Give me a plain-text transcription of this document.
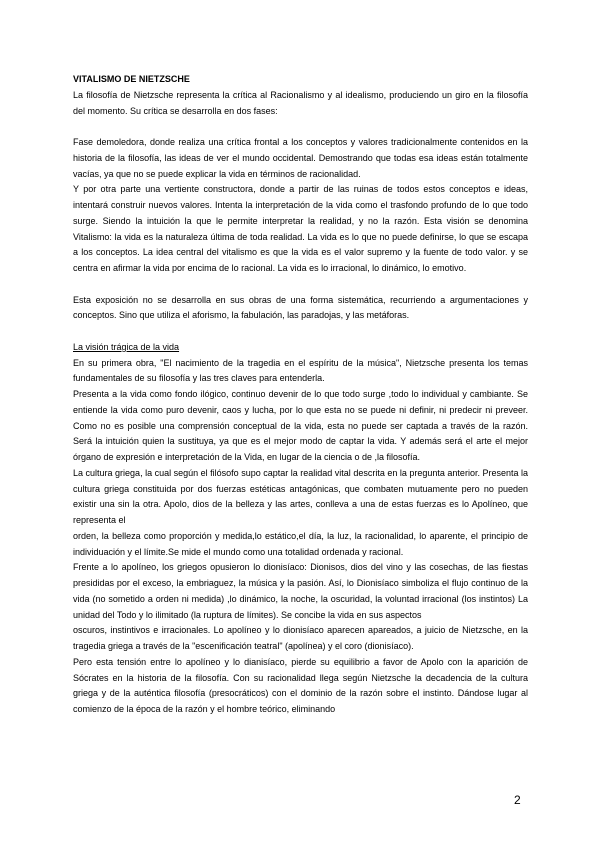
VITALISMO DE NIETZSCHE

La filosofía de Nietzsche representa la crítica al Racionalismo y al idealismo, produciendo un giro en la filosofía del momento. Su crítica se desarrolla en dos fases:

Fase demoledora, donde realiza una crítica frontal a los conceptos y valores tradicionalmente contenidos en la historia de la filosofía, las ideas de ver el mundo occidental. Demostrando que todas esa ideas están totalmente vacías, ya que no se puede explicar la vida en términos de racionalidad.

Y por otra parte una vertiente constructora, donde a partir de las ruinas de todos estos conceptos e ideas, intentará construir nuevos valores. Intenta la interpretación de la vida como el trasfondo profundo de lo que todo surge. Siendo la intuición la que le permite interpretar la realidad, y no la razón. Esta visión se denomina Vitalismo: la vida es la naturaleza última de toda realidad. La vida es lo que no puede definirse, lo que se escapa a los conceptos. La idea central del vitalismo es que la vida es el valor supremo y la fuente de todo valor. y se centra en afirmar la vida por encima de lo racional. La vida es lo irracional, lo dinámico, lo emotivo.

Esta exposición no se desarrolla en sus obras de una forma sistemática, recurriendo a argumentaciones y conceptos. Sino que utiliza el aforismo, la fabulación, las paradojas, y las metáforas.

La visión trágica de la vida

En su primera obra, "El nacimiento de la tragedia en el espíritu de la música", Nietzsche presenta los temas fundamentales de su filosofía y las tres claves para entenderla.

Presenta a la vida como fondo ilógico, continuo devenir de lo que todo surge ,todo lo individual y cambiante. Se entiende la vida como puro devenir, caos y lucha, por lo que esta no se puede ni definir, ni predecir ni preveer. Como no es posible una comprensión conceptual de la vida, esta no puede ser captada a través de la razón. Será la intuición quien la sustituya, ya que es el mejor modo de captar la vida. Y además será el arte el mejor órgano de expresión e interpretación de la Vida, en lugar de la ciencia o de ,la filosofía.

La cultura griega, la cual según el filósofo supo captar la realidad vital descrita en la pregunta anterior. Presenta la cultura griega constituida por dos fuerzas estéticas antagónicas, que combaten mutuamente pero no pueden existir una sin la otra. Apolo, dios de la belleza y las artes, conlleva a una de estas fuerzas es lo Apolíneo, que representa el

orden, la belleza como proporción y medida,lo estático,el día, la luz, la racionalidad, lo aparente, el principio de individuación y el límite.Se mide el mundo como una totalidad ordenada y racional.

Frente a lo apolíneo, los griegos opusieron lo dionisíaco: Dionisos, dios del vino y las cosechas, de las fiestas presididas por el exceso, la embriaguez, la música y la pasión. Así, lo Dionisíaco simboliza el flujo continuo de la vida (no sometido a orden ni medida) ,lo dinámico, la noche, la oscuridad, la voluntad irracional (los instintos) La unidad del Todo y lo ilimitado (la ruptura de límites). Se concibe la vida en sus aspectos

oscuros, instintivos e irracionales. Lo apolíneo y lo dionisíaco aparecen apareados, a juicio de Nietzsche, en la tragedia griega a través de la "escenificación teatral" (apolínea) y el coro (dionisíaco).

Pero esta tensión entre lo apolíneo y lo dianisíaco, pierde su equilibrio a favor de Apolo con la aparición de Sócrates en la historia de la filosofía. Con su racionalidad llega según Nietzsche la decadencia de la cultura griega y de la auténtica filosofía (presocráticos) con el dominio de la razón sobre el instinto. Dándose lugar al comienzo de la época de la razón y el hombre teórico, eliminando

2
